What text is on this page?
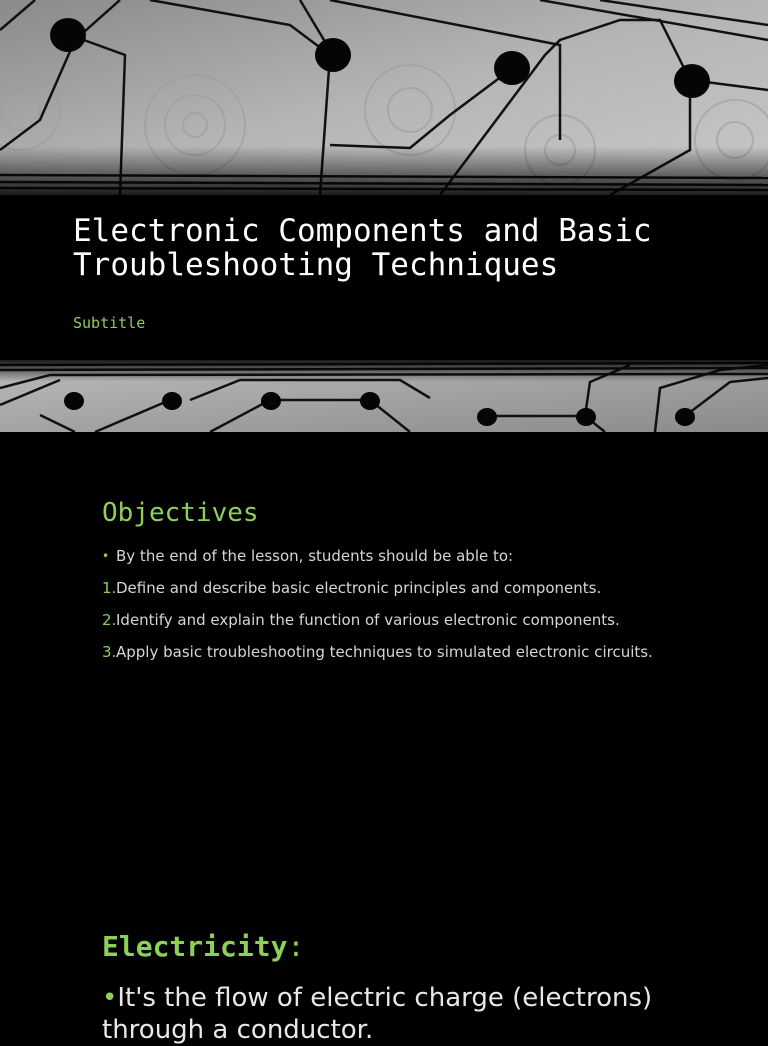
Electronic Components and Basic Troubleshooting Techniques
Subtitle
Objectives
• By the end of the lesson, students should be able to:
1. Define and describe basic electronic principles and components.
2. Identify and explain the function of various electronic components.
3. Apply basic troubleshooting techniques to simulated electronic circuits.
Electricity:
•It's the flow of electric charge (electrons) through a conductor.
